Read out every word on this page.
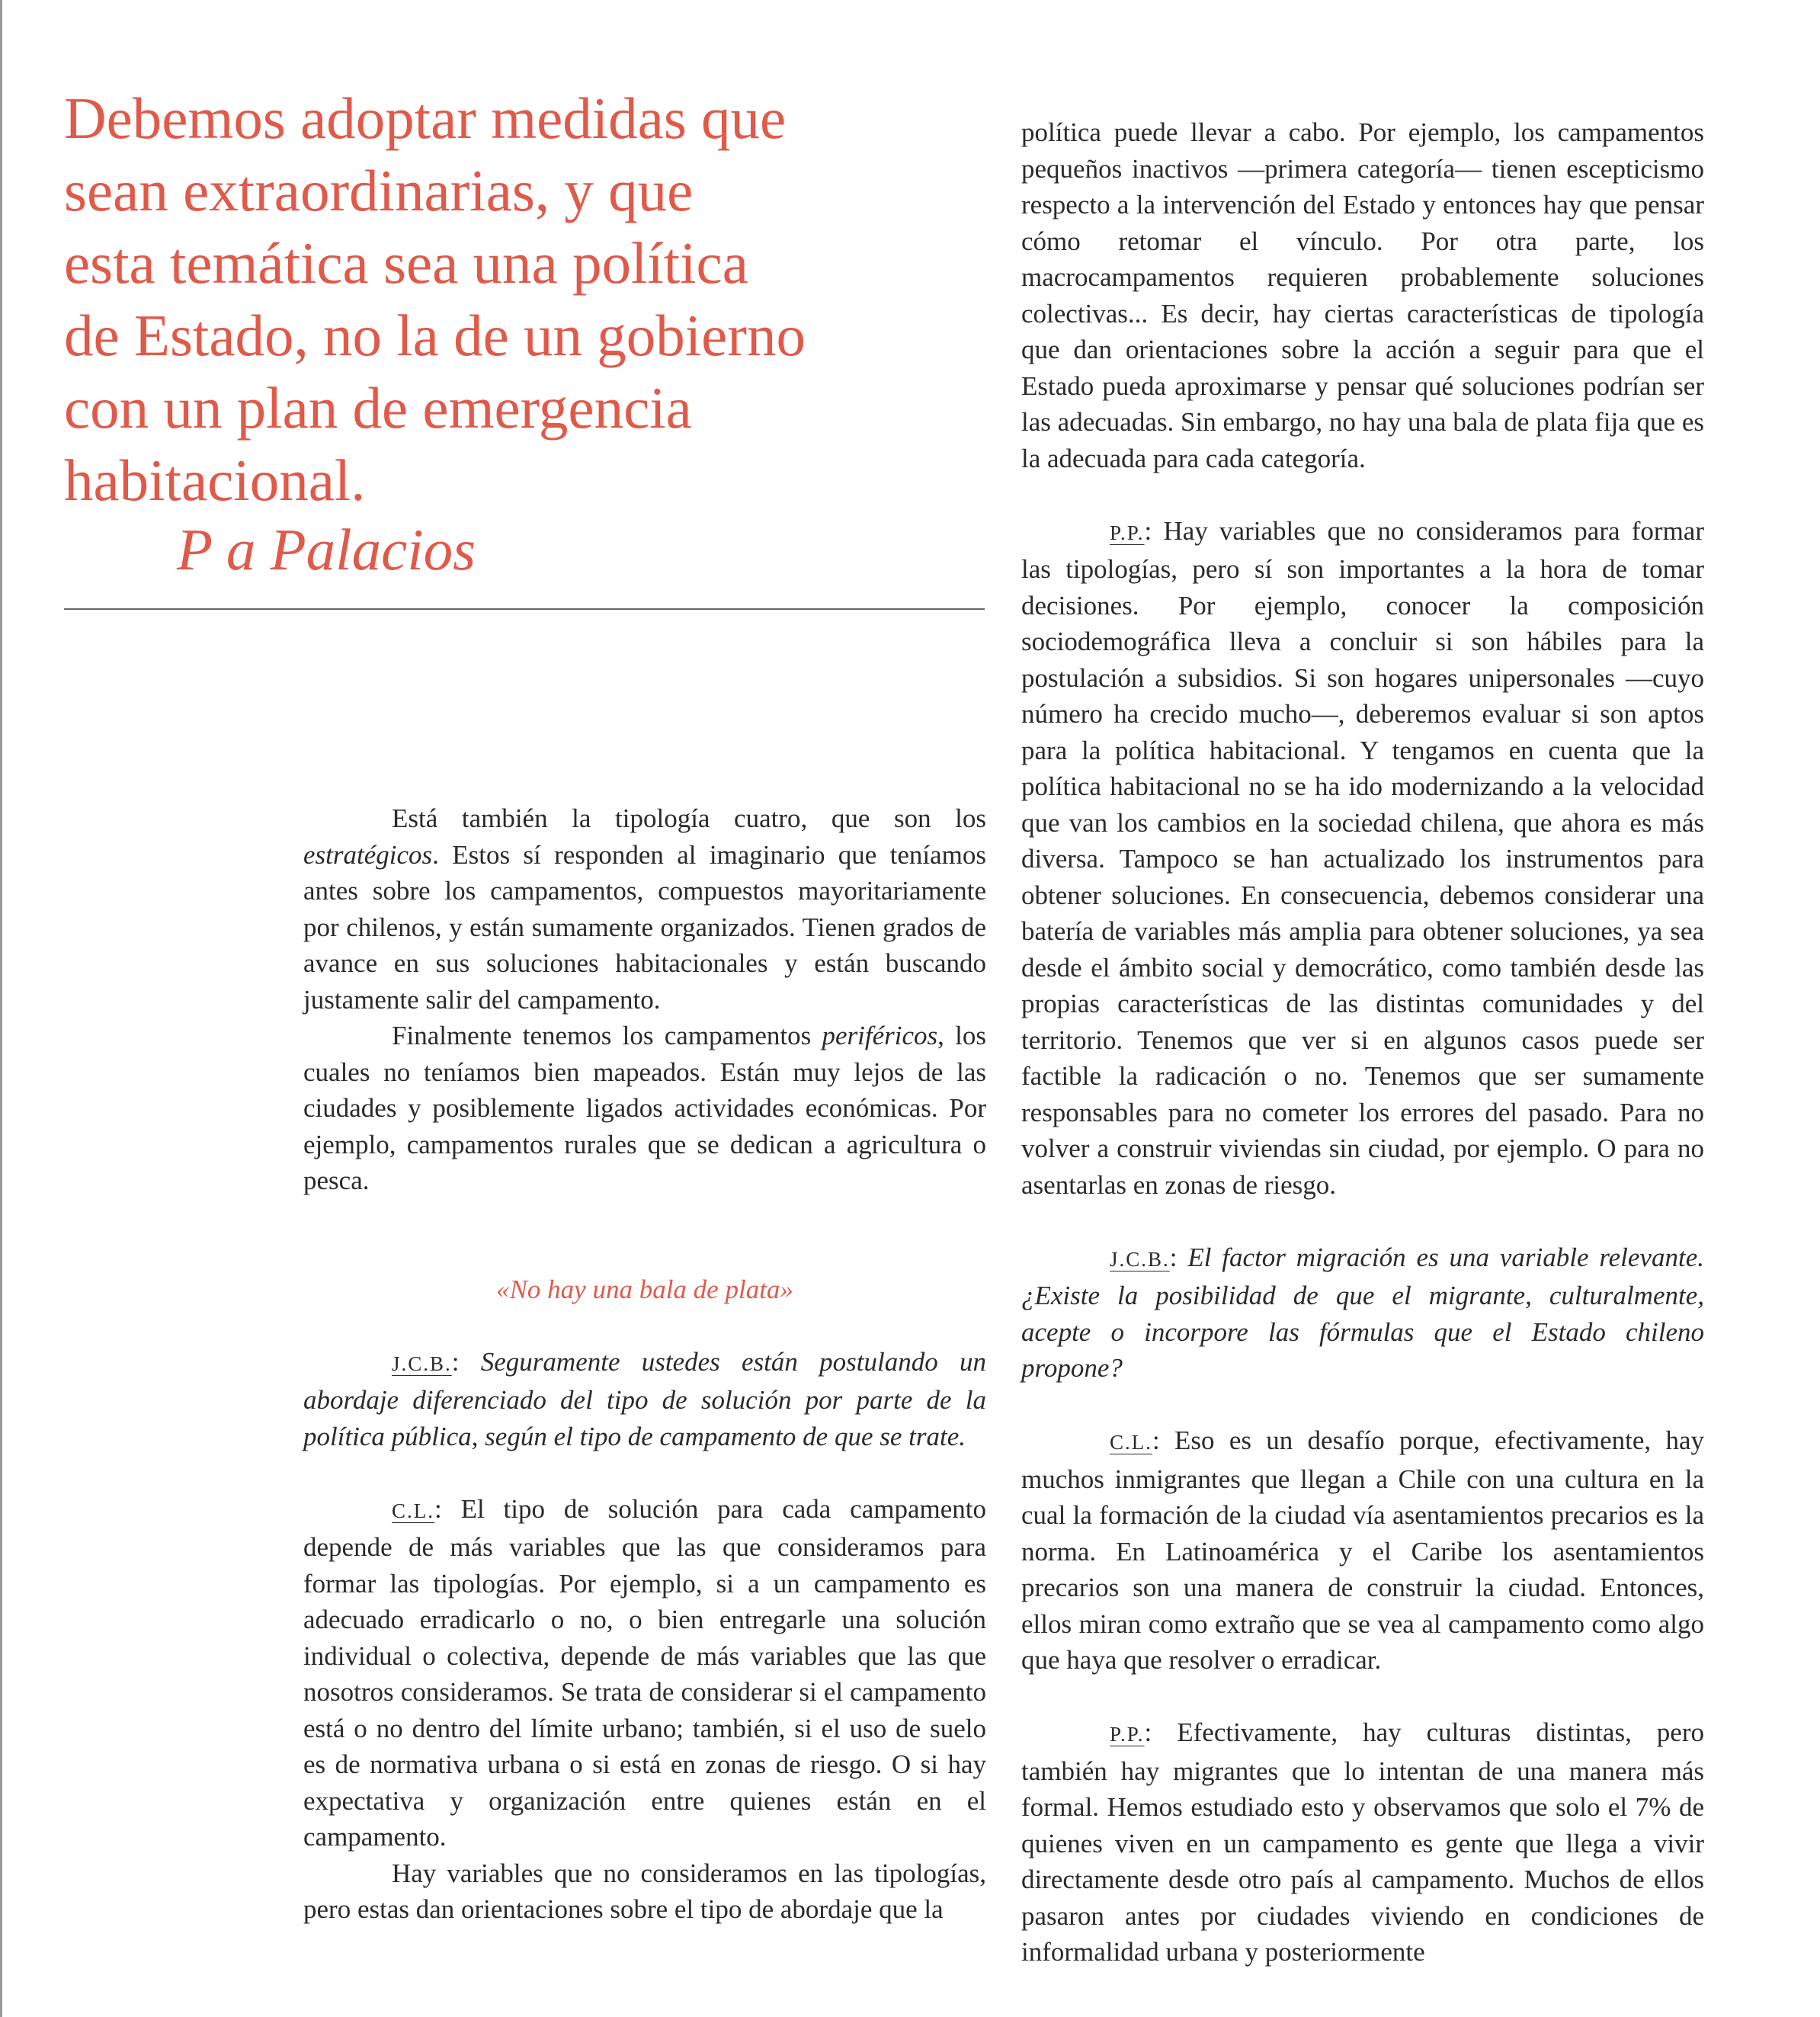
Debemos adoptar medidas que
sean extraordinarias, y que
esta temática sea una política
de Estado, no la de un gobierno
con un plan de emergencia
habitacional.
P a Palacios

Está también la tipología cuatro, que son los estratégicos. Estos sí responden al imaginario que teníamos antes sobre los campamentos, compuestos mayoritariamente por chilenos, y están sumamente organizados. Tienen grados de avance en sus soluciones habitacionales y están buscando justamente salir del campamento.

Finalmente tenemos los campamentos periféricos, los cuales no teníamos bien mapeados. Están muy lejos de las ciudades y posiblemente ligados actividades económicas. Por ejemplo, campamentos rurales que se dedican a agricultura o pesca.

«No hay una bala de plata»

J.C.B.: Seguramente ustedes están postulando un abordaje diferenciado del tipo de solución por parte de la política pública, según el tipo de campamento de que se trate.

C.L.: El tipo de solución para cada campamento depende de más variables que las que consideramos para formar las tipologías. Por ejemplo, si a un campamento es adecuado erradicarlo o no, o bien entregarle una solución individual o colectiva, depende de más variables que las que nosotros consideramos. Se trata de considerar si el campamento está o no dentro del límite urbano; también, si el uso de suelo es de normativa urbana o si está en zonas de riesgo. O si hay expectativa y organización entre quienes están en el campamento.

Hay variables que no consideramos en las tipologías, pero estas dan orientaciones sobre el tipo de abordaje que la

política puede llevar a cabo. Por ejemplo, los campamentos pequeños inactivos —primera categoría— tienen escepticismo respecto a la intervención del Estado y entonces hay que pensar cómo retomar el vínculo. Por otra parte, los macrocampamentos requieren probablemente soluciones colectivas... Es decir, hay ciertas características de tipología que dan orientaciones sobre la acción a seguir para que el Estado pueda aproximarse y pensar qué soluciones podrían ser las adecuadas. Sin embargo, no hay una bala de plata fija que es la adecuada para cada categoría.

P.P.: Hay variables que no consideramos para formar las tipologías, pero sí son importantes a la hora de tomar decisiones. Por ejemplo, conocer la composición sociodemográfica lleva a concluir si son hábiles para la postulación a subsidios. Si son hogares unipersonales —cuyo número ha crecido mucho—, deberemos evaluar si son aptos para la política habitacional. Y tengamos en cuenta que la política habitacional no se ha ido modernizando a la velocidad que van los cambios en la sociedad chilena, que ahora es más diversa. Tampoco se han actualizado los instrumentos para obtener soluciones. En consecuencia, debemos considerar una batería de variables más amplia para obtener soluciones, ya sea desde el ámbito social y democrático, como también desde las propias características de las distintas comunidades y del territorio. Tenemos que ver si en algunos casos puede ser factible la radicación o no. Tenemos que ser sumamente responsables para no cometer los errores del pasado. Para no volver a construir viviendas sin ciudad, por ejemplo. O para no asentarlas en zonas de riesgo.

J.C.B.: El factor migración es una variable relevante. ¿Existe la posibilidad de que el migrante, culturalmente, acepte o incorpore las fórmulas que el Estado chileno propone?

C.L.: Eso es un desafío porque, efectivamente, hay muchos inmigrantes que llegan a Chile con una cultura en la cual la formación de la ciudad vía asentamientos precarios es la norma. En Latinoamérica y el Caribe los asentamientos precarios son una manera de construir la ciudad. Entonces, ellos miran como extraño que se vea al campamento como algo que haya que resolver o erradicar.

P.P.: Efectivamente, hay culturas distintas, pero también hay migrantes que lo intentan de una manera más formal. Hemos estudiado esto y observamos que solo el 7% de quienes viven en un campamento es gente que llega a vivir directamente desde otro país al campamento. Muchos de ellos pasaron antes por ciudades viviendo en condiciones de informalidad urbana y posteriormente
